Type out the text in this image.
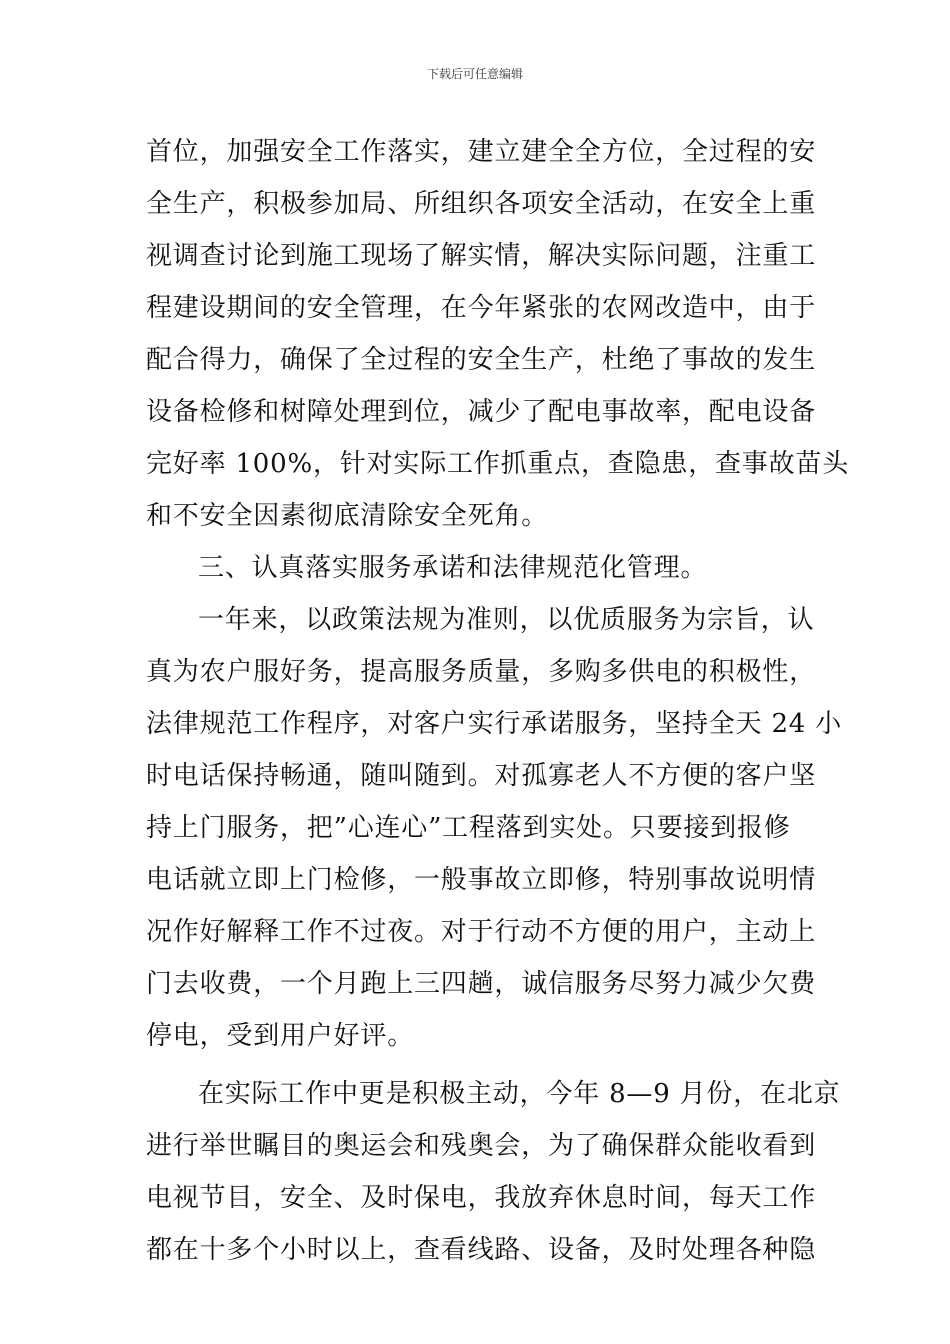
下载后可任意编辑
首位，加强安全工作落实，建立建全全方位，全过程的安
全生产，积极参加局、所组织各项安全活动，在安全上重
视调查讨论到施工现场了解实情，解决实际问题，注重工
程建设期间的安全管理，在今年紧张的农网改造中，由于
配合得力，确保了全过程的安全生产，杜绝了事故的发生
设备检修和树障处理到位，减少了配电事故率，配电设备
完好率 100%，针对实际工作抓重点，查隐患，查事故苗头
和不安全因素彻底清除安全死角。
三、认真落实服务承诺和法律规范化管理。
一年来，以政策法规为准则，以优质服务为宗旨，认
真为农户服好务，提高服务质量，多购多供电的积极性，
法律规范工作程序，对客户实行承诺服务，坚持全天 24 小
时电话保持畅通，随叫随到。对孤寡老人不方便的客户坚
持上门服务，把”心连心”工程落到实处。只要接到报修
电话就立即上门检修，一般事故立即修，特别事故说明情
况作好解释工作不过夜。对于行动不方便的用户，主动上
门去收费，一个月跑上三四趟，诚信服务尽努力减少欠费
停电，受到用户好评。
在实际工作中更是积极主动，今年 8—9 月份，在北京
进行举世瞩目的奥运会和残奥会，为了确保群众能收看到
电视节目，安全、及时保电，我放弃休息时间，每天工作
都在十多个小时以上，查看线路、设备，及时处理各种隐
